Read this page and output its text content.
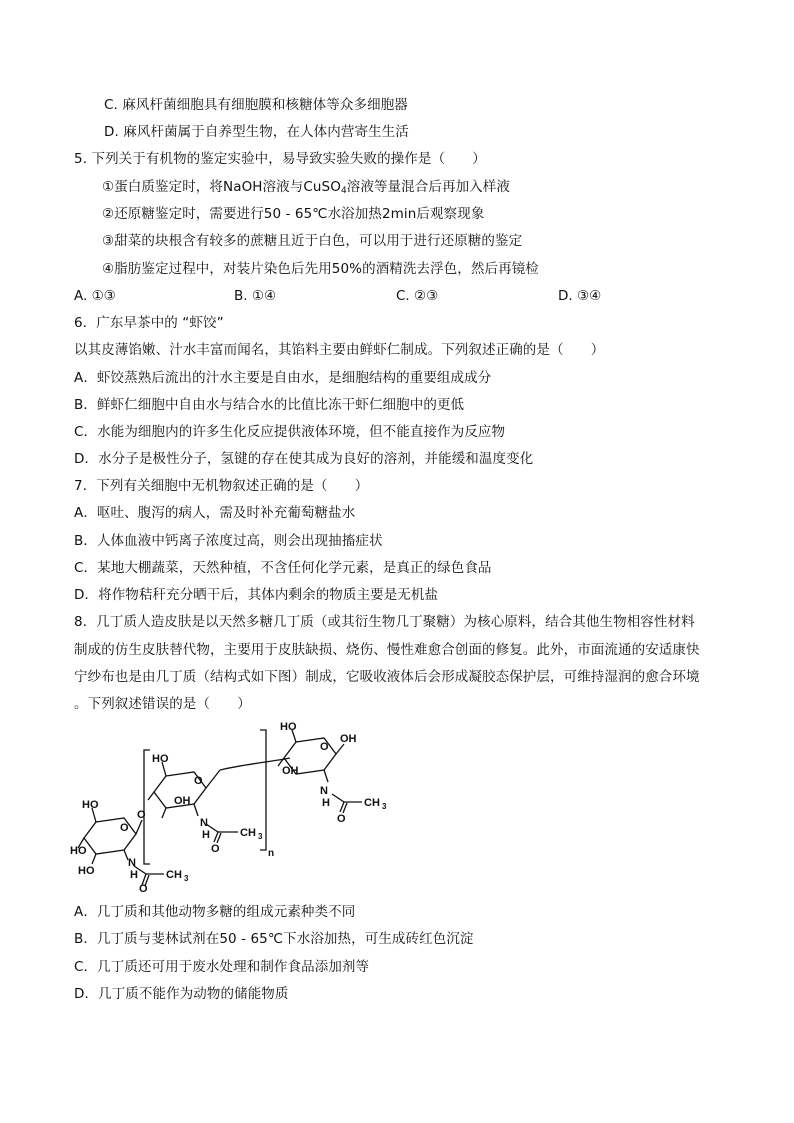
C. 麻风杆菌细胞具有细胞膜和核糖体等众多细胞器
D. 麻风杆菌属于自养型生物，在人体内营寄生生活
5. 下列关于有机物的鉴定实验中，易导致实验失败的操作是（　　）
①蛋白质鉴定时，将NaOH溶液与CuSO$_4$溶液等量混合后再加入样液
②还原糖鉴定时，需要进行50 - 65℃水浴加热2min后观察现象
③甜菜的块根含有较多的蔗糖且近于白色，可以用于进行还原糖的鉴定
④脂肪鉴定过程中，对装片染色后先用50%的酒精洗去浮色，然后再镜检
A. ①③	B. ①④	C. ②③	D. ③④
6．广东早茶中的 “虾饺”
以其皮薄馅嫩、汁水丰富而闻名，其馅料主要由鲜虾仁制成。下列叙述正确的是（　　）
A．虾饺蒸熟后流出的汁水主要是自由水，是细胞结构的重要组成成分
B．鲜虾仁细胞中自由水与结合水的比值比冻干虾仁细胞中的更低
C．水能为细胞内的许多生化反应提供液体环境，但不能直接作为反应物
D．水分子是极性分子，氢键的存在使其成为良好的溶剂，并能缓和温度变化
7．下列有关细胞中无机物叙述正确的是（　　）
A．呕吐、腹泻的病人，需及时补充葡萄糖盐水
B．人体血液中钙离子浓度过高，则会出现抽搐症状
C．某地大棚蔬菜，天然种植，不含任何化学元素，是真正的绿色食品
D．将作物秸秆充分晒干后，其体内剩余的物质主要是无机盐
8．几丁质人造皮肤是以天然多糖几丁质（或其衍生物几丁聚糖）为核心原料，结合其他生物相容性材料
制成的仿生皮肤替代物，主要用于皮肤缺损、烧伤、慢性难愈合创面的修复。此外，市面流通的安适康快
宁纱布也是由几丁质（结构式如下图）制成，它吸收液体后会形成凝胶态保护层，可维持湿润的愈合环境
。下列叙述错误的是（　　）
HO
HO
HO
O
O
N
H
O
CH 3
HO
OH
O
N
H
O
CH 3
n
HO
OH
O
OH
N
H
O
CH 3
A．几丁质和其他动物多糖的组成元素种类不同
B．几丁质与斐林试剂在50 - 65℃下水浴加热，可生成砖红色沉淀
C．几丁质还可用于废水处理和制作食品添加剂等
D．几丁质不能作为动物的储能物质
